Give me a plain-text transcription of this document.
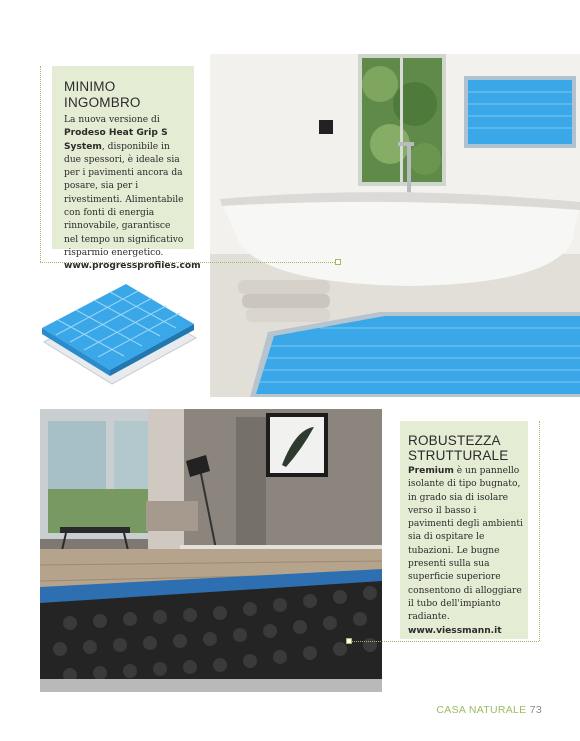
MINIMO INGOMBRO

La nuova versione di
Prodeso Heat Grip S System, disponibile in due spessori, è ideale sia per i pavimenti ancora da posare, sia per i rivestimenti. Alimentabile con fonti di energia rinnovabile, garantisce nel tempo un significativo risparmio energetico.
www.progressprofiles.com

ROBUSTEZZA STRUTTURALE

Premium è un pannello isolante di tipo bugnato, in grado sia di isolare verso il basso i pavimenti degli ambienti sia di ospitare le tubazioni. Le bugne presenti sulla sua superficie superiore consentono di alloggiare il tubo dell'impianto radiante.
www.viessmann.it

CASA NATURALE 73
